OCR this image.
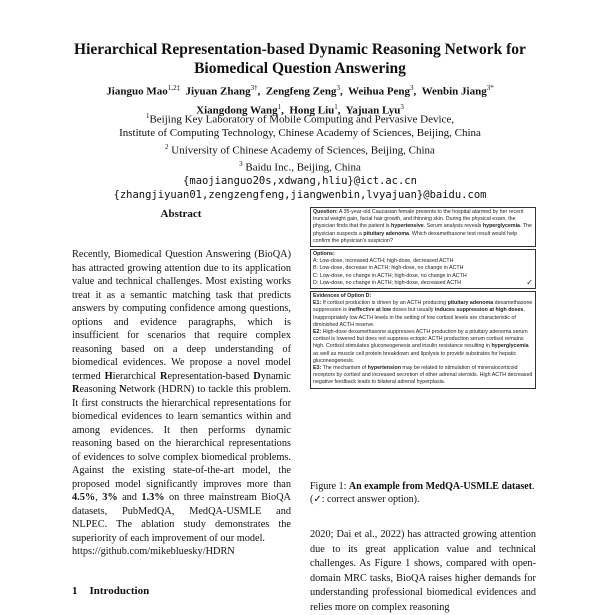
Hierarchical Representation-based Dynamic Reasoning Network for
Biomedical Question Answering
Jianguo Mao$^{1,2\ddagger}$ Jiyuan Zhang$^{3\dagger}$,  Zengfeng Zeng$^3$,  Weihua Peng$^3$,  Wenbin Jiang$^{3*}$
Xiangdong Wang$^1$,  Hong Liu$^1$,  Yajuan Lyu$^3$
$^1$Beijing Key Laboratory of Mobile Computing and Pervasive Device,
Institute of Computing Technology, Chinese Academy of Sciences, Beijing, China
$^2$ University of Chinese Academy of Sciences, Beijing, China
$^3$ Baidu Inc., Beijing, China
{maojianguo20s,xdwang,hliu}@ict.ac.cn
{zhangjiyuan01,zengzengfeng,jiangwenbin,lvyajuan}@baidu.com
Abstract
Recently, Biomedical Question Answering (BioQA) has attracted growing attention due to its application value and technical challenges. Most existing works treat it as a semantic matching task that predicts answers by computing confidence among questions, options and evidence paragraphs, which is insufficient for scenarios that require complex reasoning based on a deep understanding of biomedical evidences. We propose a novel model termed Hierarchical Representation-based Dynamic Reasoning Network (HDRN) to tackle this problem. It first constructs the hierarchical representations for biomedical evidences to learn semantics within and among evidences. It then performs dynamic reasoning based on the hierarchical representations of evidences to solve complex biomedical problems. Against the existing state-of-the-art model, the proposed model significantly improves more than 4.5%, 3% and 1.3% on three mainstream BioQA datasets, PubMedQA, MedQA-USMLE and NLPEC. The ablation study demonstrates the superiority of each improvement of our model.
https://github.com/mikebluesky/HDRN
1 Introduction
Question: A 35-year-old Caucasian female presents to the hospital alarmed by her recent truncal weight gain, facial hair growth, and thinning skin. During the physical exam, the physician finds that the patient is hypertensive. Serum analysis reveals hyperglycemia. The physician suspects a pituitary adenoma. Which dexamethasone test result would help confirm the physician's suspicion?
Options:
A: Low-dose, increased ACTH; high-dose, decreased ACTH
B: Low-dose, decrease in ACTH; high-dose, no change in ACTH
C: Low-dose, no change in ACTH; high-dose, no change in ACTH
D: Low-dose, no change in ACTH; high-dose, decreased ACTH	✓
Evidences of Option D:
E1: If cortisol production is driven by an ACTH producing pituitary adenoma dexamethasone suppression is ineffective at low doses but usually induces suppression at high doses. Inappropriately low ACTH levels in the setting of low cortisol levels are characteristic of diminished ACTH reserve.
E2: High-dose dexamethasone suppresses ACTH production by a pituitary adenoma serum cortisol is lowered but does not suppress ectopic ACTH production serum cortisol remains high. Cortisol stimulates gluconeogenesis and insulin resistance resulting in hyperglycemia as well as muscle cell protein breakdown and lipolysis to provide substrates for hepatic gluconeogenesis.
E3: The mechanism of hypertension may be related to stimulation of mineralocorticoid receptors by cortisol and increased secretion of other adrenal steroids. High ACTH decreased negative feedback leads to bilateral adrenal hyperplasia.
Figure 1: An example from MedQA-USMLE dataset. (✓: correct answer option).
2020; Dai et al., 2022) has attracted growing attention due to its great application value and technical challenges. As Figure 1 shows, compared with open-domain MRC tasks, BioQA raises higher demands for understanding professional biomedical evidences and relies more on complex reasoning
